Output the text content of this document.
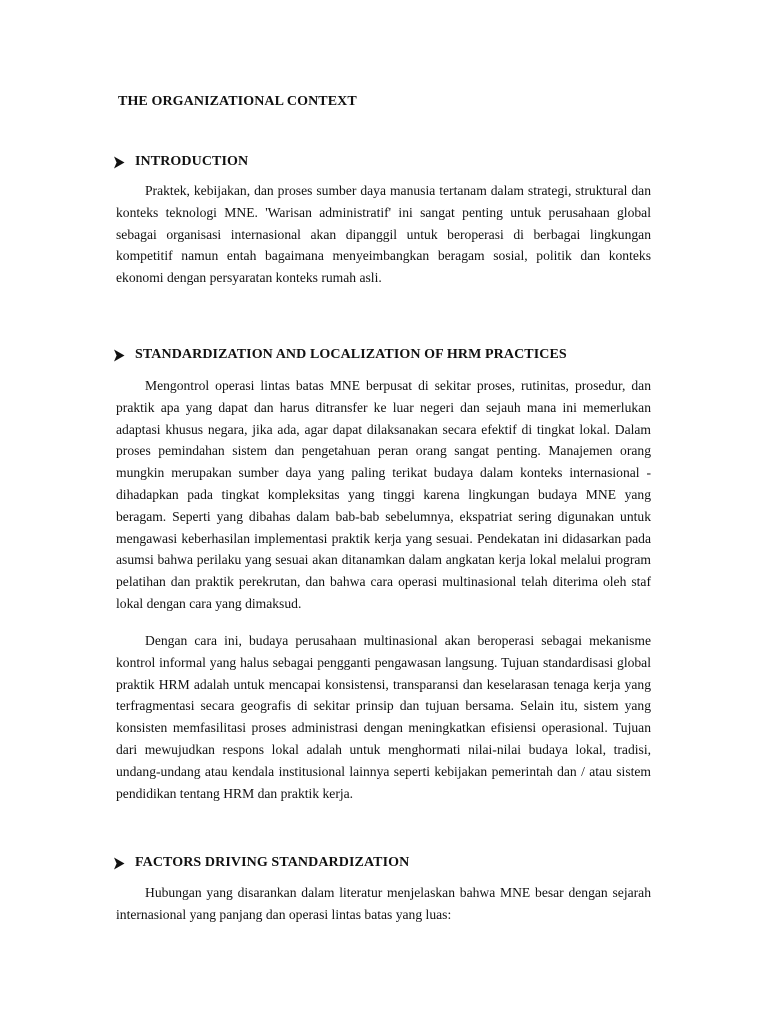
THE ORGANIZATIONAL CONTEXT
INTRODUCTION

Praktek, kebijakan, dan proses sumber daya manusia tertanam dalam strategi, struktural dan konteks teknologi MNE. 'Warisan administratif' ini sangat penting untuk perusahaan global sebagai organisasi internasional akan dipanggil untuk beroperasi di berbagai lingkungan kompetitif namun entah bagaimana menyeimbangkan beragam sosial, politik dan konteks ekonomi dengan persyaratan konteks rumah asli.

STANDARDIZATION AND LOCALIZATION OF HRM PRACTICES

Mengontrol operasi lintas batas MNE berpusat di sekitar proses, rutinitas, prosedur, dan praktik apa yang dapat dan harus ditransfer ke luar negeri dan sejauh mana ini memerlukan adaptasi khusus negara, jika ada, agar dapat dilaksanakan secara efektif di tingkat lokal. Dalam proses pemindahan sistem dan pengetahuan peran orang sangat penting. Manajemen orang mungkin merupakan sumber daya yang paling terikat budaya dalam konteks internasional - dihadapkan pada tingkat kompleksitas yang tinggi karena lingkungan budaya MNE yang beragam. Seperti yang dibahas dalam bab-bab sebelumnya, ekspatriat sering digunakan untuk mengawasi keberhasilan implementasi praktik kerja yang sesuai. Pendekatan ini didasarkan pada asumsi bahwa perilaku yang sesuai akan ditanamkan dalam angkatan kerja lokal melalui program pelatihan dan praktik perekrutan, dan bahwa cara operasi multinasional telah diterima oleh staf lokal dengan cara yang dimaksud.

Dengan cara ini, budaya perusahaan multinasional akan beroperasi sebagai mekanisme kontrol informal yang halus sebagai pengganti pengawasan langsung. Tujuan standardisasi global praktik HRM adalah untuk mencapai konsistensi, transparansi dan keselarasan tenaga kerja yang terfragmentasi secara geografis di sekitar prinsip dan tujuan bersama. Selain itu, sistem yang konsisten memfasilitasi proses administrasi dengan meningkatkan efisiensi operasional. Tujuan dari mewujudkan respons lokal adalah untuk menghormati nilai-nilai budaya lokal, tradisi, undang-undang atau kendala institusional lainnya seperti kebijakan pemerintah dan / atau sistem pendidikan tentang HRM dan praktik kerja.

FACTORS DRIVING STANDARDIZATION

Hubungan yang disarankan dalam literatur menjelaskan bahwa MNE besar dengan sejarah internasional yang panjang dan operasi lintas batas yang luas:
